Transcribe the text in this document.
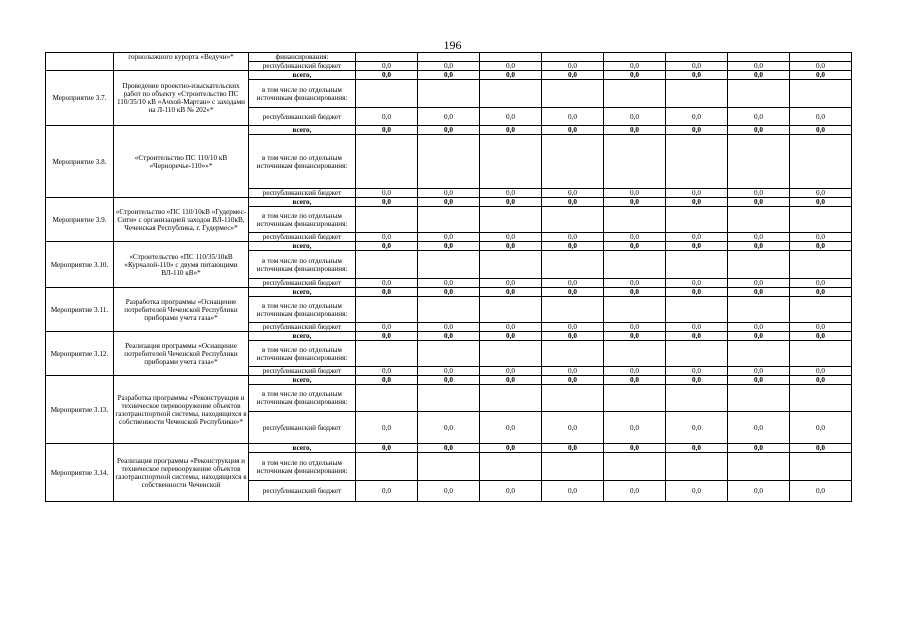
196
	горнолыжного курорта «Ведучи»*	финансирования:								
		республиканский бюджет	0,0	0,0	0,0	0,0	0,0	0,0	0,0	0,0
Мероприятие 3.7.	Проведение проектно-изыскательских работ по объекту «Строительство ПС 110/35/10 кВ «Ачхой-Мартан» с заходами на Л-110 кВ № 202»*	всего,	0,0	0,0	0,0	0,0	0,0	0,0	0,0	0,0
		в том числе по отдельным источникам финансирования:								
		республиканский бюджет	0,0	0,0	0,0	0,0	0,0	0,0	0,0	0,0
Мероприятие 3.8.	«Строительство ПС 110/10 кВ «Черноречье-110»»*	всего,	0,0	0,0	0,0	0,0	0,0	0,0	0,0	0,0
		в том числе по отдельным источникам финансирования:								
		республиканский бюджет	0,0	0,0	0,0	0,0	0,0	0,0	0,0	0,0
Мероприятие 3.9.	«Строительство «ПС 110/10кВ «Гудермес-Сити» с организацией заходов ВЛ-110кВ, Чеченская Республика, г. Гудермес»*	всего,	0,0	0,0	0,0	0,0	0,0	0,0	0,0	0,0
		в том числе по отдельным источникам финансирования:								
		республиканский бюджет	0,0	0,0	0,0	0,0	0,0	0,0	0,0	0,0
Мероприятие 3.10.	«Строительство «ПС 110/35/10кВ «Курчалой-110» с двумя питающими ВЛ-110 кВ»*	всего,	0,0	0,0	0,0	0,0	0,0	0,0	0,0	0,0
		в том числе по отдельным источникам финансирования:								
		республиканский бюджет	0,0	0,0	0,0	0,0	0,0	0,0	0,0	0,0
Мероприятие 3.11.	Разработка программы «Оснащение потребителей Чеченской Республики приборами учета газа»*	всего,	0,0	0,0	0,0	0,0	0,0	0,0	0,0	0,0
		в том числе по отдельным источникам финансирования:								
		республиканский бюджет	0,0	0,0	0,0	0,0	0,0	0,0	0,0	0,0
Мероприятие 3.12.	Реализация программы «Оснащение потребителей Чеченской Республики приборами учета газа»*	всего,	0,0	0,0	0,0	0,0	0,0	0,0	0,0	0,0
		в том числе по отдельным источникам финансирования:								
		республиканский бюджет	0,0	0,0	0,0	0,0	0,0	0,0	0,0	0,0
Мероприятие 3.13.	Разработка программы «Реконструкция и техническое перевооружение объектов газотранспортной системы, находящихся в собственности Чеченской Республики»*	всего,	0,0	0,0	0,0	0,0	0,0	0,0	0,0	0,0
		в том числе по отдельным источникам финансирования:								
		республиканский бюджет	0,0	0,0	0,0	0,0	0,0	0,0	0,0	0,0
Мероприятие 3.14.	Реализация программы «Реконструкция и техническое перевооружение объектов газотранспортной системы, находящихся в собственности Чеченской	всего,	0,0	0,0	0,0	0,0	0,0	0,0	0,0	0,0
		в том числе по отдельным источникам финансирования:								
		республиканский бюджет	0,0	0,0	0,0	0,0	0,0	0,0	0,0	0,0
